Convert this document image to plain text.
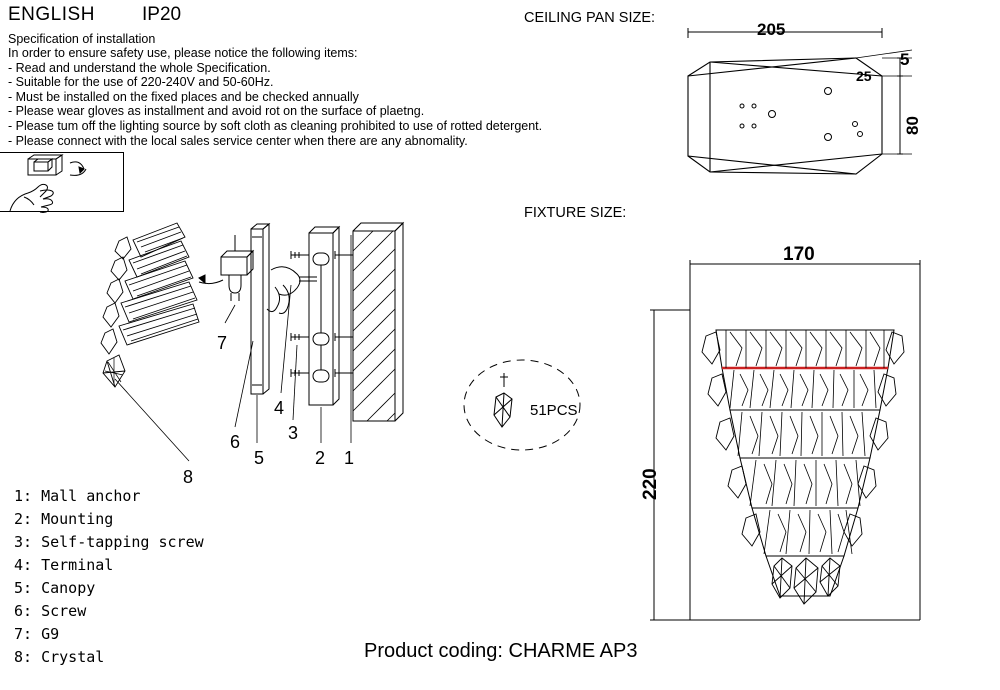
ENGLISH IP20
Specification of installation
In order to ensure safety use, please notice the following items:
- Read and understand the whole Specification.
- Suitable for the use of 220-240V and 50-60Hz.
- Must be installed on the fixed places and be checked annually
- Please wear gloves as installment and avoid rot on the surface of plaetng.
- Please tum off the lighting source by soft cloth as cleaning prohibited to use of rotted detergent.
- Please connect with the local sales service center when there are any abnomality.
1
2
3
4
5
6
7
8
1: Mall anchor
2: Mounting
3: Self-tapping screw
4: Terminal
5: Canopy
6: Screw
7: G9
8: Crystal
CEILING PAN SIZE:
205
5
25
80
51PCS
FIXTURE SIZE:
170
220
Product coding: CHARME AP3
